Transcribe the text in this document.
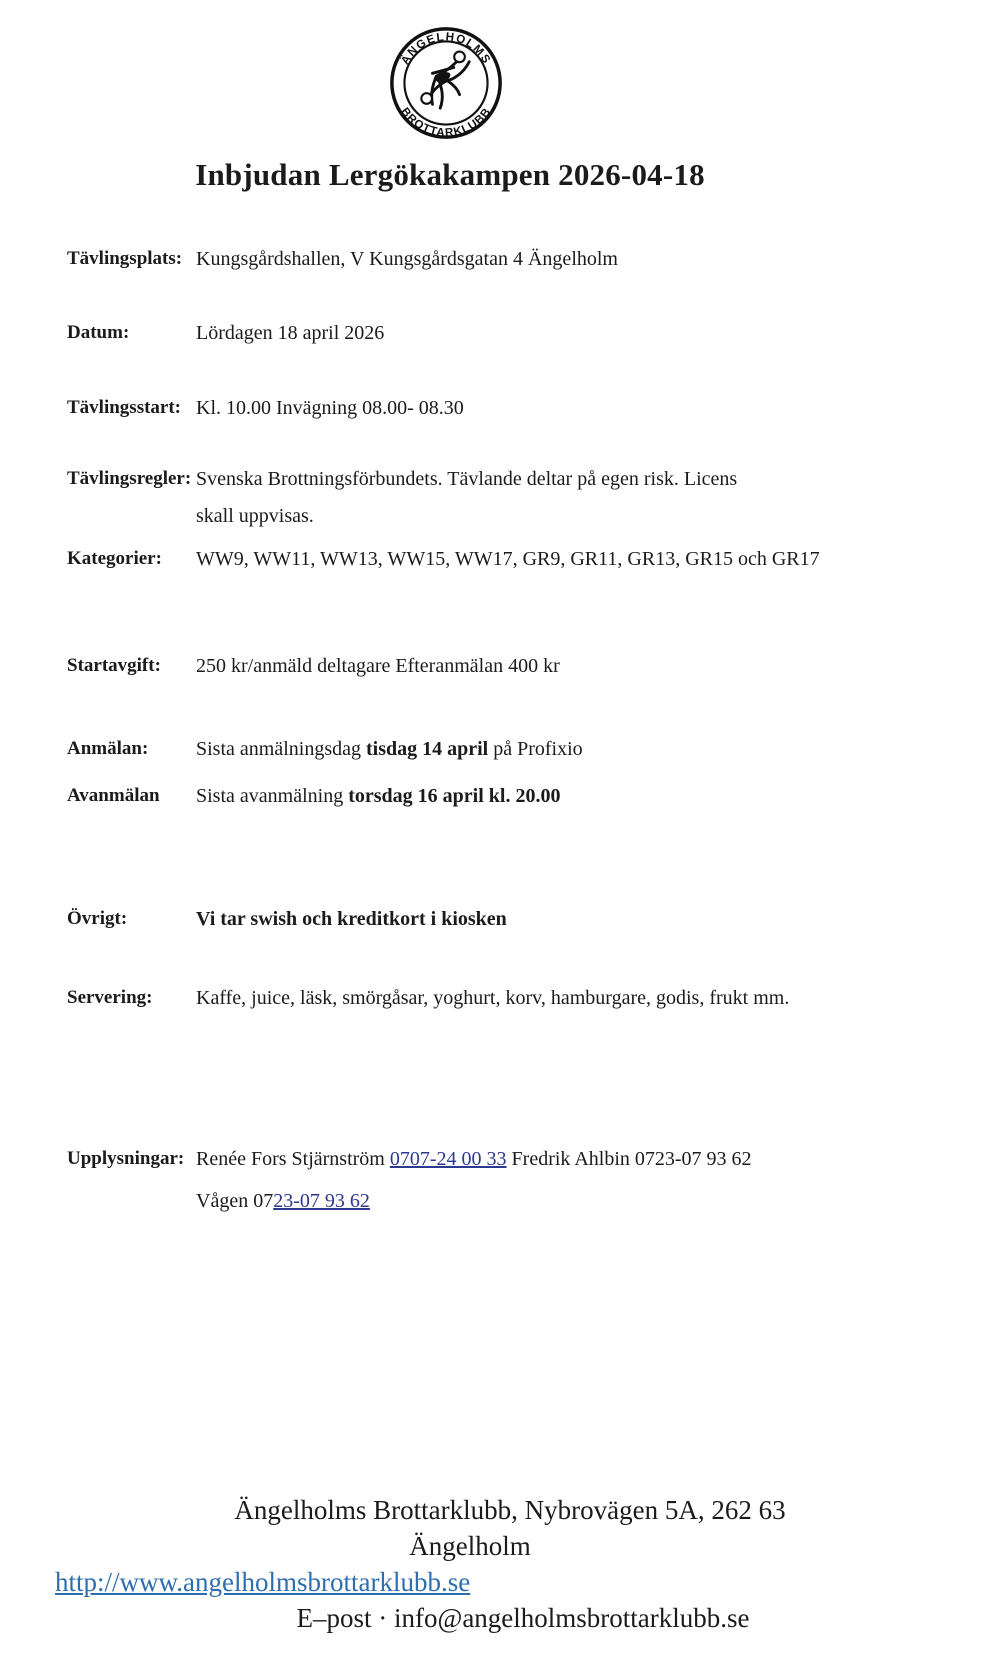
ÄNGELHOLMS
BROTTARKLUBB
Inbjudan Lergökakampen 2026-04-18
Tävlingsplats: Kungsgårdshallen, V Kungsgårdsgatan 4 Ängelholm
Datum:	Lördagen 18 april 2026
Tävlingsstart: Kl. 10.00 Invägning 08.00- 08.30
Tävlingsregler: Svenska Brottningsförbundets. Tävlande deltar på egen risk. Licens skall uppvisas.
Kategorier: WW9, WW11, WW13, WW15, WW17, GR9, GR11, GR13, GR15 och GR17
Startavgift: 250 kr/anmäld deltagare Efteranmälan 400 kr
Anmälan: Sista anmälningsdag tisdag 14 april på Profixio
Avanmälan Sista avanmälning torsdag 16 april kl. 20.00
Övrigt:	Vi tar swish och kreditkort i kiosken
Servering: Kaffe, juice, läsk, smörgåsar, yoghurt, korv, hamburgare, godis, frukt mm.
Upplysningar: Renée Fors Stjärnström 0707-24 00 33 Fredrik Ahlbin 0723-07 93 62
Vågen 0723-07 93 62
Ängelholms Brottarklubb, Nybrovägen 5A, 262 63
Ängelholm
http://www.angelholmsbrottarklubb.se
E–post · info@angelholmsbrottarklubb.se
